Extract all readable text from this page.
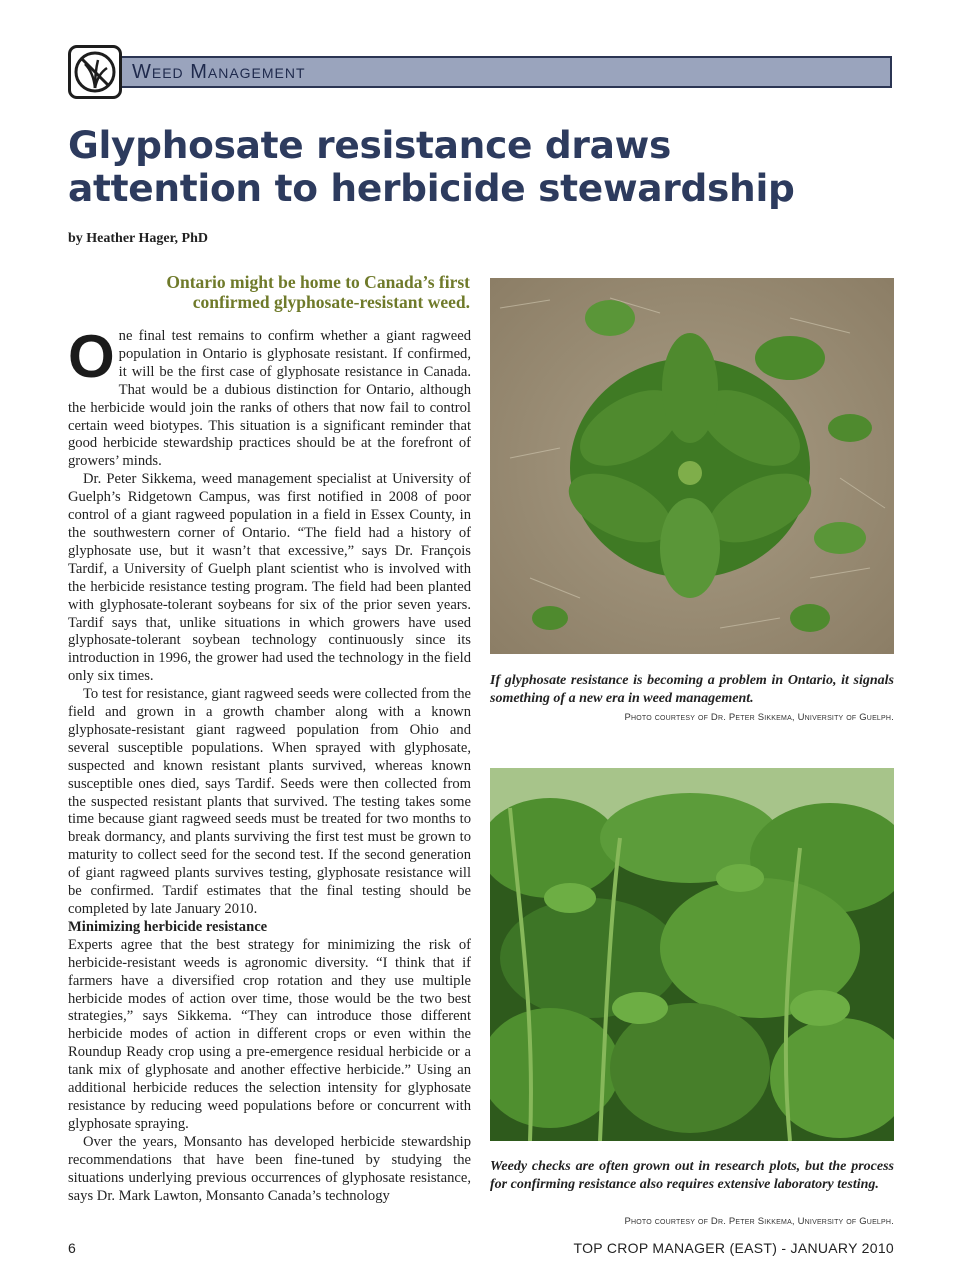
Weed Management
Glyphosate resistance draws
attention to herbicide stewardship
by Heather Hager, PhD
Ontario might be home to Canada’s first
confirmed glyphosate-resistant weed.

One final test remains to confirm whether a giant ragweed population in Ontario is glyphosate resistant. If confirmed, it will be the first case of glyphosate resistance in Canada. That would be a dubious distinction for Ontario, although the herbicide would join the ranks of others that now fail to control certain weed biotypes. This situation is a significant reminder that good herbicide stewardship practices should be at the forefront of growers’ minds.

Dr. Peter Sikkema, weed management specialist at University of Guelph’s Ridgetown Campus, was first notified in 2008 of poor control of a giant ragweed population in a field in Essex County, in the southwestern corner of Ontario. “The field had a history of glyphosate use, but it wasn’t that excessive,” says Dr. François Tardif, a University of Guelph plant scientist who is involved with the herbicide resistance testing program. The field had been planted with glyphosate-tolerant soybeans for six of the prior seven years. Tardif says that, unlike situations in which growers have used glyphosate-tolerant soybean technology continuously since its introduction in 1996, the grower had used the technology in the field only six times.

To test for resistance, giant ragweed seeds were collected from the field and grown in a growth chamber along with a known glyphosate-resistant giant ragweed population from Ohio and several susceptible populations. When sprayed with glyphosate, suspected and known resistant plants survived, whereas known susceptible ones died, says Tardif. Seeds were then collected from the suspected resistant plants that survived. The testing takes some time because giant ragweed seeds must be treated for two months to break dormancy, and plants surviving the first test must be grown to maturity to collect seed for the second test. If the second generation of giant ragweed plants survives testing, glyphosate resistance will be confirmed. Tardif estimates that the final testing should be completed by late January 2010.

Minimizing herbicide resistance

Experts agree that the best strategy for minimizing the risk of herbicide-resistant weeds is agronomic diversity. “I think that if farmers have a diversified crop rotation and they use multiple herbicide modes of action over time, those would be the two best strategies,” says Sikkema. “They can introduce those different herbicide modes of action in different crops or even within the Roundup Ready crop using a pre-emergence residual herbicide or a tank mix of glyphosate and another effective herbicide.” Using an additional herbicide reduces the selection intensity for glyphosate resistance by reducing weed populations before or concurrent with glyphosate spraying.

Over the years, Monsanto has developed herbicide stewardship recommendations that have been fine-tuned by studying the situations underlying previous occurrences of glyphosate resistance, says Dr. Mark Lawton, Monsanto Canada’s technology

If glyphosate resistance is becoming a problem in Ontario, it signals something of a new era in weed management.
Photo courtesy of Dr. Peter Sikkema, University of Guelph.
Weedy checks are often grown out in research plots, but the process for confirming resistance also requires extensive laboratory testing.
Photo courtesy of Dr. Peter Sikkema, University of Guelph.
6	TOP CROP MANAGER (EAST) - JANUARY 2010
